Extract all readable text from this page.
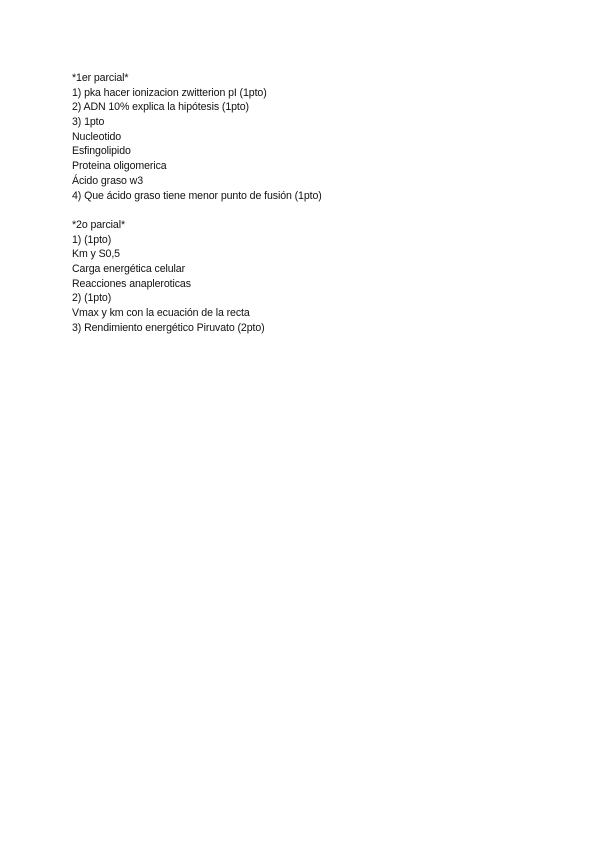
*1er parcial*
1) pka hacer ionizacion zwitterion pI (1pto)
2) ADN 10% explica la hipótesis (1pto)
3) 1pto
Nucleotido
Esfingolipido
Proteina oligomerica
Ácido graso w3
4) Que ácido graso tiene menor punto de fusión (1pto)
*2o parcial*
1) (1pto)
Km y S0,5
Carga energética celular
Reacciones anapleroticas
2) (1pto)
Vmax y km con la ecuación de la recta
3) Rendimiento energético Piruvato (2pto)
